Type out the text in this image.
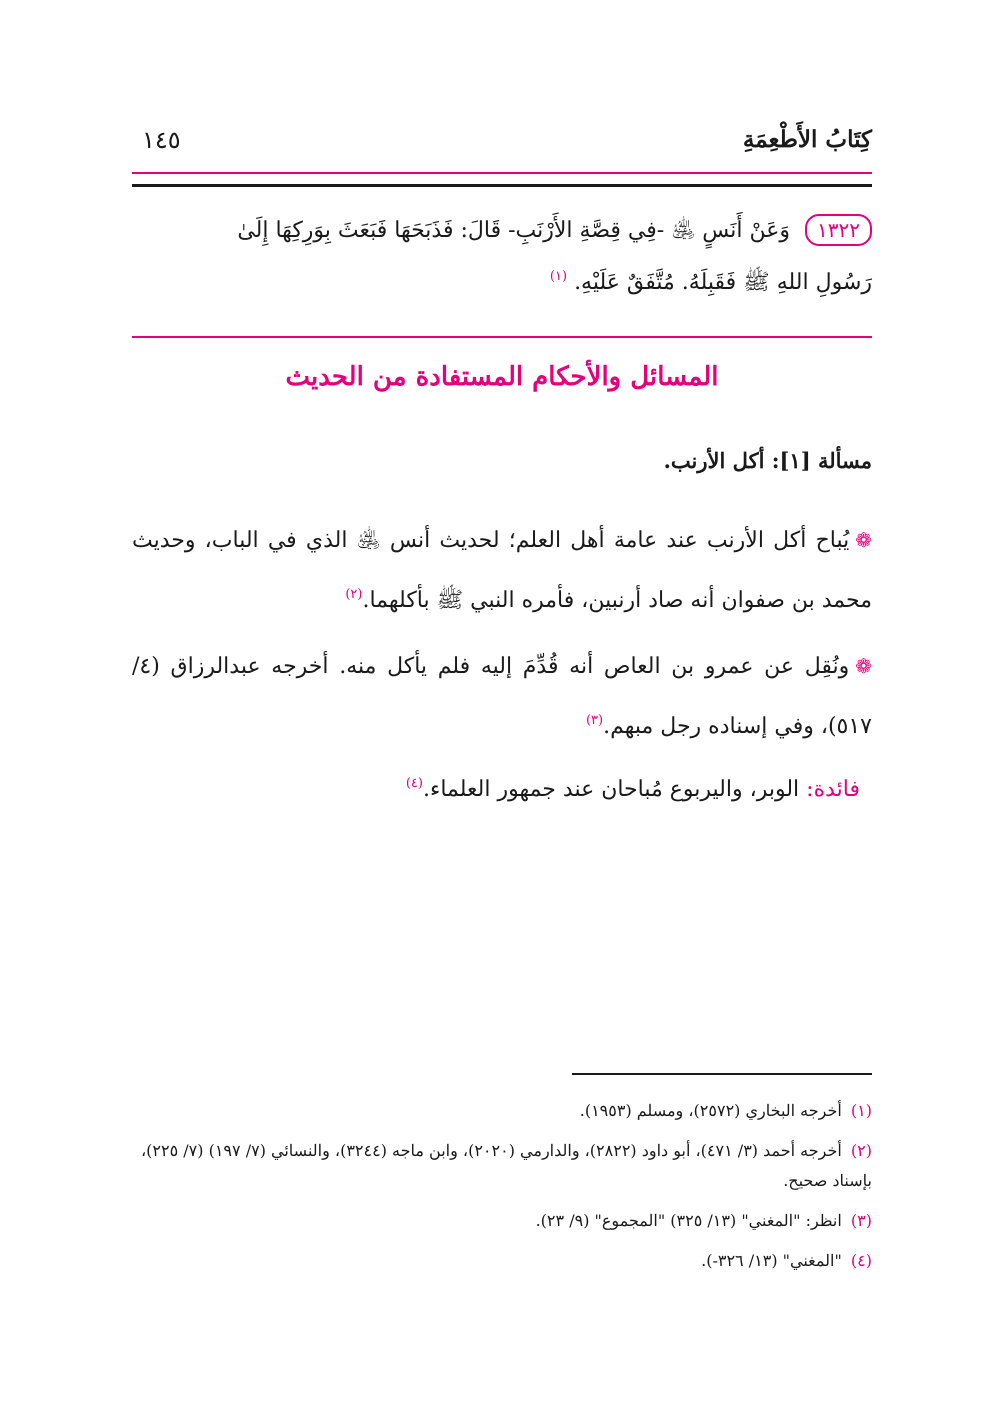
كِتَابُ الأَطْعِمَةِ
١٤٥
١٣٢٢ وَعَنْ أَنَسٍ ﵁ -فِي قِصَّةِ الأَرْنَبِ- قَالَ: فَذَبَحَهَا فَبَعَثَ بِوَرِكِهَا إِلَىٰ
رَسُولِ اللهِ ﷺ فَقَبِلَهُ. مُتَّفَقٌ عَلَيْهِ. $^{(١)}$
المسائل والأحكام المستفادة من الحديث
مسألة [١]: أكل الأرنب.
❁يُباح أكل الأرنب عند عامة أهل العلم؛ لحديث أنس ﵁ الذي في الباب، وحديث محمد بن صفوان أنه صاد أرنبين، فأمره النبي ﷺ بأكلهما.$^{(٢)}$
❁ونُقِل عن عمرو بن العاص أنه قُدِّمَ إليه فلم يأكل منه. أخرجه عبدالرزاق (٤/ ٥١٧)، وفي إسناده رجل مبهم.$^{(٣)}$
فائدة: الوبر، واليربوع مُباحان عند جمهور العلماء.$^{(٤)}$
(١) أخرجه البخاري (٢٥٧٢)، ومسلم (١٩٥٣).
(٢) أخرجه أحمد (٣/ ٤٧١)، أبو داود (٢٨٢٢)، والدارمي (٢٠٢٠)، وابن ماجه (٣٢٤٤)، والنسائي (٧/ ١٩٧) (٧/ ٢٢٥)، بإسناد صحيح.
(٣) انظر: "المغني" (١٣/ ٣٢٥) "المجموع" (٩/ ٢٣).
(٤) "المغني" (١٣/ ٣٢٦-).
